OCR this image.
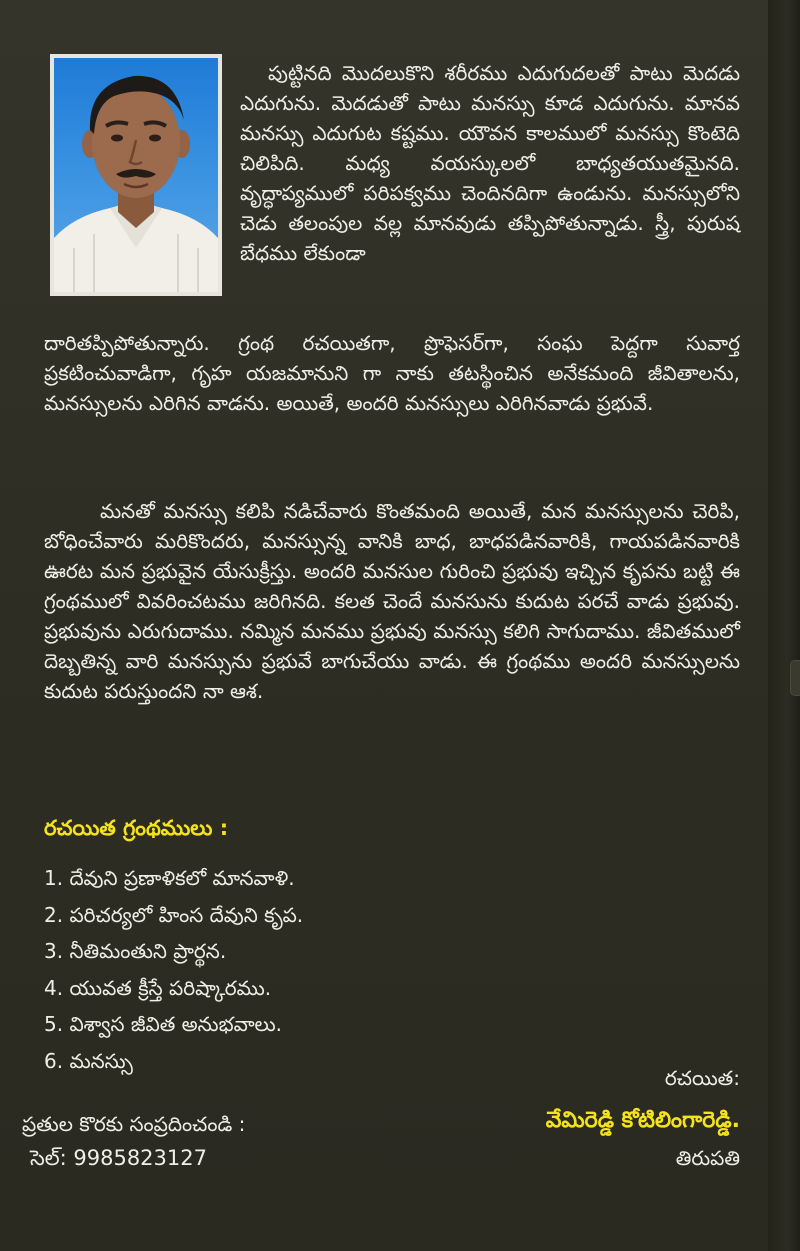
పుట్టినది మొదలుకొని శరీరము ఎదుగుదలతో పాటు మెదడు ఎదుగును. మెదడుతో పాటు మనస్సు కూడ ఎదుగును. మానవ మనస్సు ఎదుగుట కష్టము. యౌవన కాలములో మనస్సు కొంటెది చిలిపిది. మధ్య వయస్కులలో బాధ్యతయుతమైనది. వృద్ధాప్యములో పరిపక్వము చెందినదిగా ఉండును. మనస్సులోని చెడు తలంపుల వల్ల మానవుడు తప్పిపోతున్నాడు. స్త్రీ, పురుష బేధము లేకుండా

దారితప్పిపోతున్నారు. గ్రంథ రచయితగా, ప్రొఫెసర్‌గా, సంఘ పెద్దగా సువార్త ప్రకటించువాడిగా, గృహ యజమానుని గా నాకు తటస్థించిన అనేకమంది జీవితాలను, మనస్సులను ఎరిగిన వాడను. అయితే, అందరి మనస్సులు ఎరిగినవాడు ప్రభువే.

మనతో మనస్సు కలిపి నడిచేవారు కొంతమంది అయితే, మన మనస్సులను చెరిపి, బోధించేవారు మరికొందరు, మనస్సున్న వానికి బాధ, బాధపడినవారికి, గాయపడినవారికి ఊరట మన ప్రభువైన యేసుక్రీస్తు. అందరి మనసుల గురించి ప్రభువు ఇచ్చిన కృపను బట్టి ఈ గ్రంథములో వివరించటము జరిగినది. కలత చెందే మనసును కుదుట పరచే వాడు ప్రభువు. ప్రభువును ఎరుగుదాము. నమ్మిన మనము ప్రభువు మనస్సు కలిగి సాగుదాము. జీవితములో దెబ్బతిన్న వారి మనస్సును ప్రభువే బాగుచేయు వాడు. ఈ గ్రంథము అందరి మనస్సులను కుదుట పరుస్తుందని నా ఆశ.

రచయిత గ్రంథములు :
1. దేవుని ప్రణాళికలో మానవాళి.
2. పరిచర్యలో హింస దేవుని కృప.
3. నీతిమంతుని ప్రార్థన.
4. యువత క్రీస్తే పరిష్కారము.
5. విశ్వాస జీవిత అనుభవాలు.
6. మనస్సు
రచయిత:
వేమిరెడ్డి కోటిలింగారెడ్డి.
తిరుపతి
ప్రతుల కొరకు సంప్రదించండి :
సెల్: 9985823127
